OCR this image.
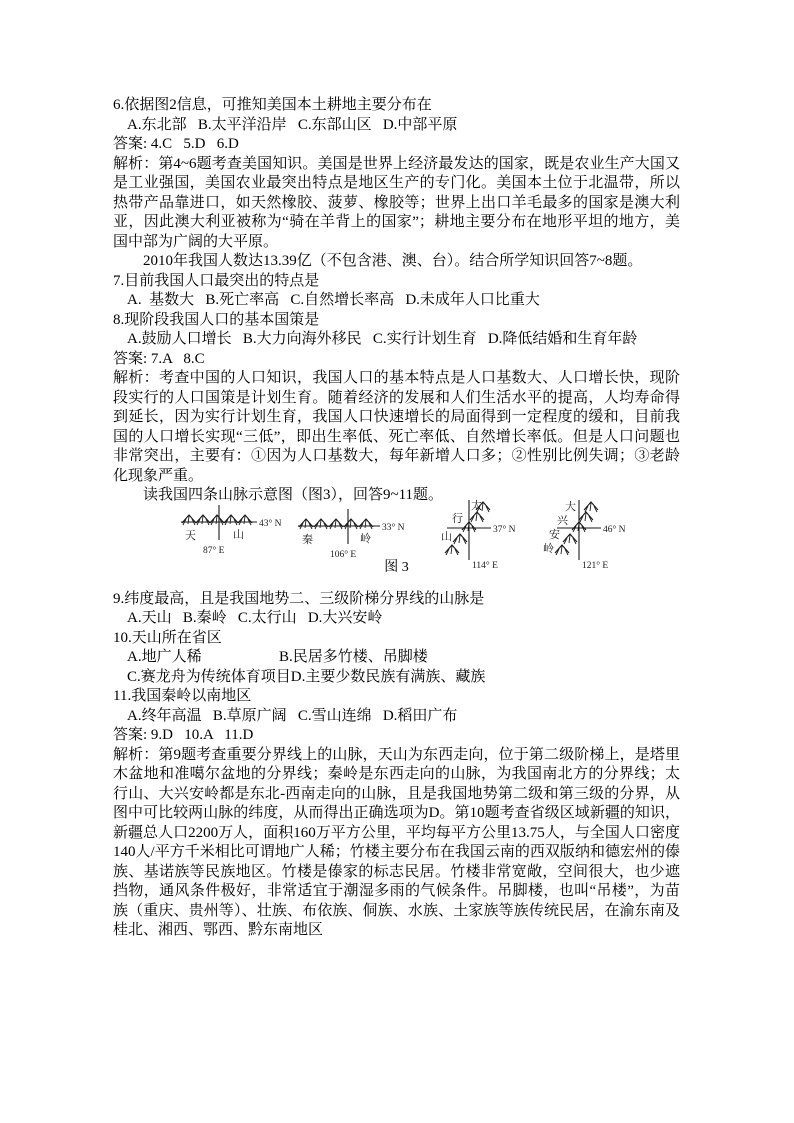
6.依据图2信息，可推知美国本土耕地主要分布在

A.东北部   B.太平洋沿岸   C.东部山区   D.中部平原

答案: 4.C   5.D   6.D

解析：第4~6题考查美国知识。美国是世界上经济最发达的国家，既是农业生产大国又是工业强国，美国农业最突出特点是地区生产的专门化。美国本土位于北温带，所以热带产品靠进口，如天然橡胶、菠萝、橡胶等；世界上出口羊毛最多的国家是澳大利亚，因此澳大利亚被称为“骑在羊背上的国家”；耕地主要分布在地形平坦的地方，美国中部为广阔的大平原。

2010年我国人数达13.39亿（不包含港、澳、台）。结合所学知识回答7~8题。

7.目前我国人口最突出的特点是

A.  基数大   B.死亡率高   C.自然增长率高   D.未成年人口比重大

8.现阶段我国人口的基本国策是

A.鼓励人口增长   B.大力向海外移民   C.实行计划生育   D.降低结婚和生育年龄

答案: 7.A   8.C

解析：考查中国的人口知识，我国人口的基本特点是人口基数大、人口增长快，现阶段实行的人口国策是计划生育。随着经济的发展和人们生活水平的提高，人均寿命得到延长，因为实行计划生育，我国人口快速增长的局面得到一定程度的缓和，目前我国的人口增长实现“三低”，即出生率低、死亡率低、自然增长率低。但是人口问题也非常突出，主要有：①因为人口基数大，每年新增人口多；②性别比例失调；③老龄化现象严重。

读我国四条山脉示意图（图3），回答9~11题。

43° N
天	山
87° E
33° N
秦	岭
106° E
太
行
山
37° N
114° E
大
兴
安
岭
46° N
121° E
图 3

9.纬度最高，且是我国地势二、三级阶梯分界线的山脉是

A.天山   B.秦岭   C.太行山   D.大兴安岭

10.天山所在省区

A.地广人稀	B.民居多竹楼、吊脚楼
C.赛龙舟为传统体育项目D.主要少数民族有满族、藏族

11.我国秦岭以南地区

A.终年高温   B.草原广阔   C.雪山连绵   D.稻田广布

答案: 9.D   10.A   11.D

解析：第9题考查重要分界线上的山脉，天山为东西走向，位于第二级阶梯上，是塔里木盆地和准噶尔盆地的分界线；秦岭是东西走向的山脉，为我国南北方的分界线；太行山、大兴安岭都是东北-西南走向的山脉，且是我国地势第二级和第三级的分界，从图中可比较两山脉的纬度，从而得出正确选项为D。第10题考查省级区域新疆的知识，  新疆总人口2200万人，面积160万平方公里，平均每平方公里13.75人，与全国人口密度140人/平方千米相比可谓地广人稀；竹楼主要分布在我国云南的西双版纳和德宏州的傣族、基诺族等民族地区。竹楼是傣家的标志民居。竹楼非常宽敞，空间很大，也少遮挡物，通风条件极好，非常适宜于潮湿多雨的气候条件。吊脚楼，也叫“吊楼”，为苗族（重庆、贵州等）、壮族、布依族、侗族、水族、土家族等族传统民居，在渝东南及桂北、湘西、鄂西、黔东南地区
